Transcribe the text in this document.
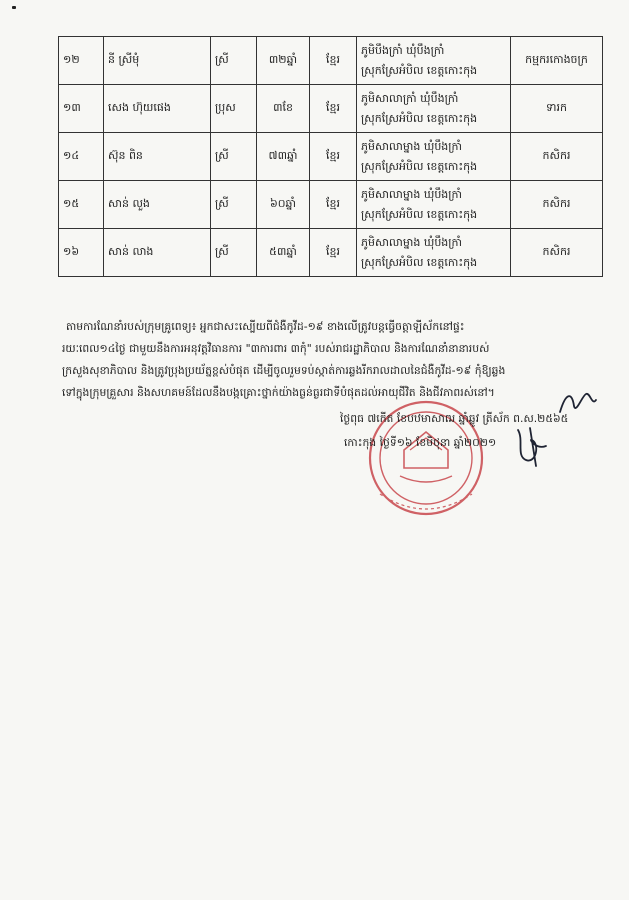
១២	នី ស្រីមុំ	ស្រី	៣២ឆ្នាំ	ខ្មែរ	ភូមិបឹងក្រាំ ឃុំបឹងក្រាំ
ស្រុកស្រែអំបិល ខេត្តកោះកុង	កម្មករកោងចក្រ
១៣	សេង ហ៊ុយផេង	ប្រុស	៣ខែ	ខ្មែរ	ភូមិសាលាក្រាំ ឃុំបឹងក្រាំ
ស្រុកស្រែអំបិល ខេត្តកោះកុង	ទារក
១៤	ស៊ុន ពិន	ស្រី	៧៣ឆ្នាំ	ខ្មែរ	ភូមិសាលាម្នាង ឃុំបឹងក្រាំ
ស្រុកស្រែអំបិល ខេត្តកោះកុង	កសិករ
១៥	សាន់ លួង	ស្រី	៦០ឆ្នាំ	ខ្មែរ	ភូមិសាលាម្នាង ឃុំបឹងក្រាំ
ស្រុកស្រែអំបិល ខេត្តកោះកុង	កសិករ
១៦	សាន់ លាង	ស្រី	៥៣ឆ្នាំ	ខ្មែរ	ភូមិសាលាម្នាង ឃុំបឹងក្រាំ
ស្រុកស្រែអំបិល ខេត្តកោះកុង	កសិករ
តាមការណែនាំរបស់ក្រុមគ្រូពេទ្យ៖ អ្នកជាសះស្បើយពីជំងឺកូវីដ-១៩ ខាងលើត្រូវបន្តធ្វើចត្តាឡីស័កនៅផ្ទះ
រយៈពេល១៤ថ្ងៃ ជាមួយនឹងការអនុវត្តវិធានការ "៣ការពារ ៣កុំ" របស់រាជរដ្ឋាភិបាល និងការណែនាំនានារបស់
ក្រសួងសុខាភិបាល និងត្រូវប្រុងប្រយ័ត្នខ្ពស់បំផុត ដើម្បីចូលរួមទប់ស្កាត់ការឆ្លងរីករាលដាលនៃជំងឺកូវីដ-១៩ កុំឱ្យឆ្លង
ទៅក្នុងក្រុមគ្រួសារ និងសហគមន៍ដែលនឹងបង្កគ្រោះថ្នាក់យ៉ាងធ្ងន់ធ្ងរជាទីបំផុតដល់អាយុជីវិត និងជីវភាពរស់នៅ។
ថ្ងៃពុធ ៧កើត ខែបឋមាសាឍ ឆ្នាំឆ្លូវ ត្រីស័ក ព.ស.២៥៦៥
កោះកុង ថ្ងៃទី១៦ ខែមិថុនា ឆ្នាំ២០២១
